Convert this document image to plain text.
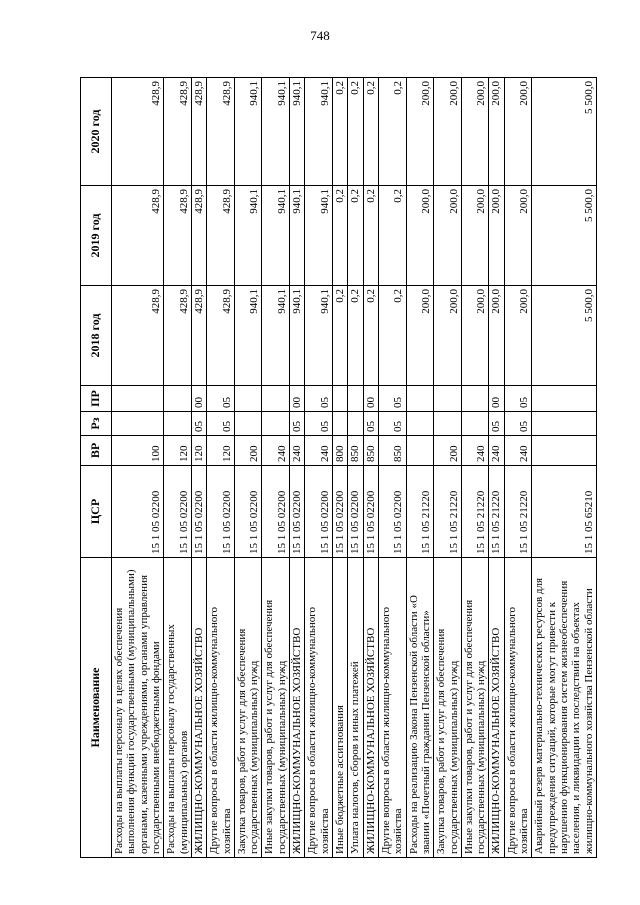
748
Наименование	ЦСР	ВР	Рз	ПР	2018 год	2019 год	2020 год
Расходы на выплаты персоналу в целях обеспечения выполнения функций государственными (муниципальными) органами, казенными учреждениями, органами управления государственными внебюджетными фондами	15 1 05 02200	100			428,9	428,9	428,9
Расходы на выплаты персоналу государственных (муниципальных) органов	15 1 05 02200	120			428,9	428,9	428,9
ЖИЛИЩНО-КОММУНАЛЬНОЕ ХОЗЯЙСТВО	15 1 05 02200	120	05	00	428,9	428,9	428,9
Другие вопросы в области жилищно-коммунального хозяйства	15 1 05 02200	120	05	05	428,9	428,9	428,9
Закупка товаров, работ и услуг для обеспечения государственных (муниципальных) нужд	15 1 05 02200	200			940,1	940,1	940,1
Иные закупки товаров, работ и услуг для обеспечения государственных (муниципальных) нужд	15 1 05 02200	240			940,1	940,1	940,1
ЖИЛИЩНО-КОММУНАЛЬНОЕ ХОЗЯЙСТВО	15 1 05 02200	240	05	00	940,1	940,1	940,1
Другие вопросы в области жилищно-коммунального хозяйства	15 1 05 02200	240	05	05	940,1	940,1	940,1
Иные бюджетные ассигнования	15 1 05 02200	800			0,2	0,2	0,2
Уплата налогов, сборов и иных платежей	15 1 05 02200	850			0,2	0,2	0,2
ЖИЛИЩНО-КОММУНАЛЬНОЕ ХОЗЯЙСТВО	15 1 05 02200	850	05	00	0,2	0,2	0,2
Другие вопросы в области жилищно-коммунального хозяйства	15 1 05 02200	850	05	05	0,2	0,2	0,2
Расходы на реализацию Закона Пензенской области «О звании «Почетный гражданин Пензенской области»	15 1 05 21220				200,0	200,0	200,0
Закупка товаров, работ и услуг для обеспечения государственных (муниципальных) нужд	15 1 05 21220	200			200,0	200,0	200,0
Иные закупки товаров, работ и услуг для обеспечения государственных (муниципальных) нужд	15 1 05 21220	240			200,0	200,0	200,0
ЖИЛИЩНО-КОММУНАЛЬНОЕ ХОЗЯЙСТВО	15 1 05 21220	240	05	00	200,0	200,0	200,0
Другие вопросы в области жилищно-коммунального хозяйства	15 1 05 21220	240	05	05	200,0	200,0	200,0
Аварийный резерв материально-технических ресурсов для предупреждения ситуаций, которые могут привести к нарушению функционирования систем жизнеобеспечения населения, и ликвидации их последствий на объектах жилищно-коммунального хозяйства Пензенской области	15 1 05 65210				5 500,0	5 500,0	5 500,0
